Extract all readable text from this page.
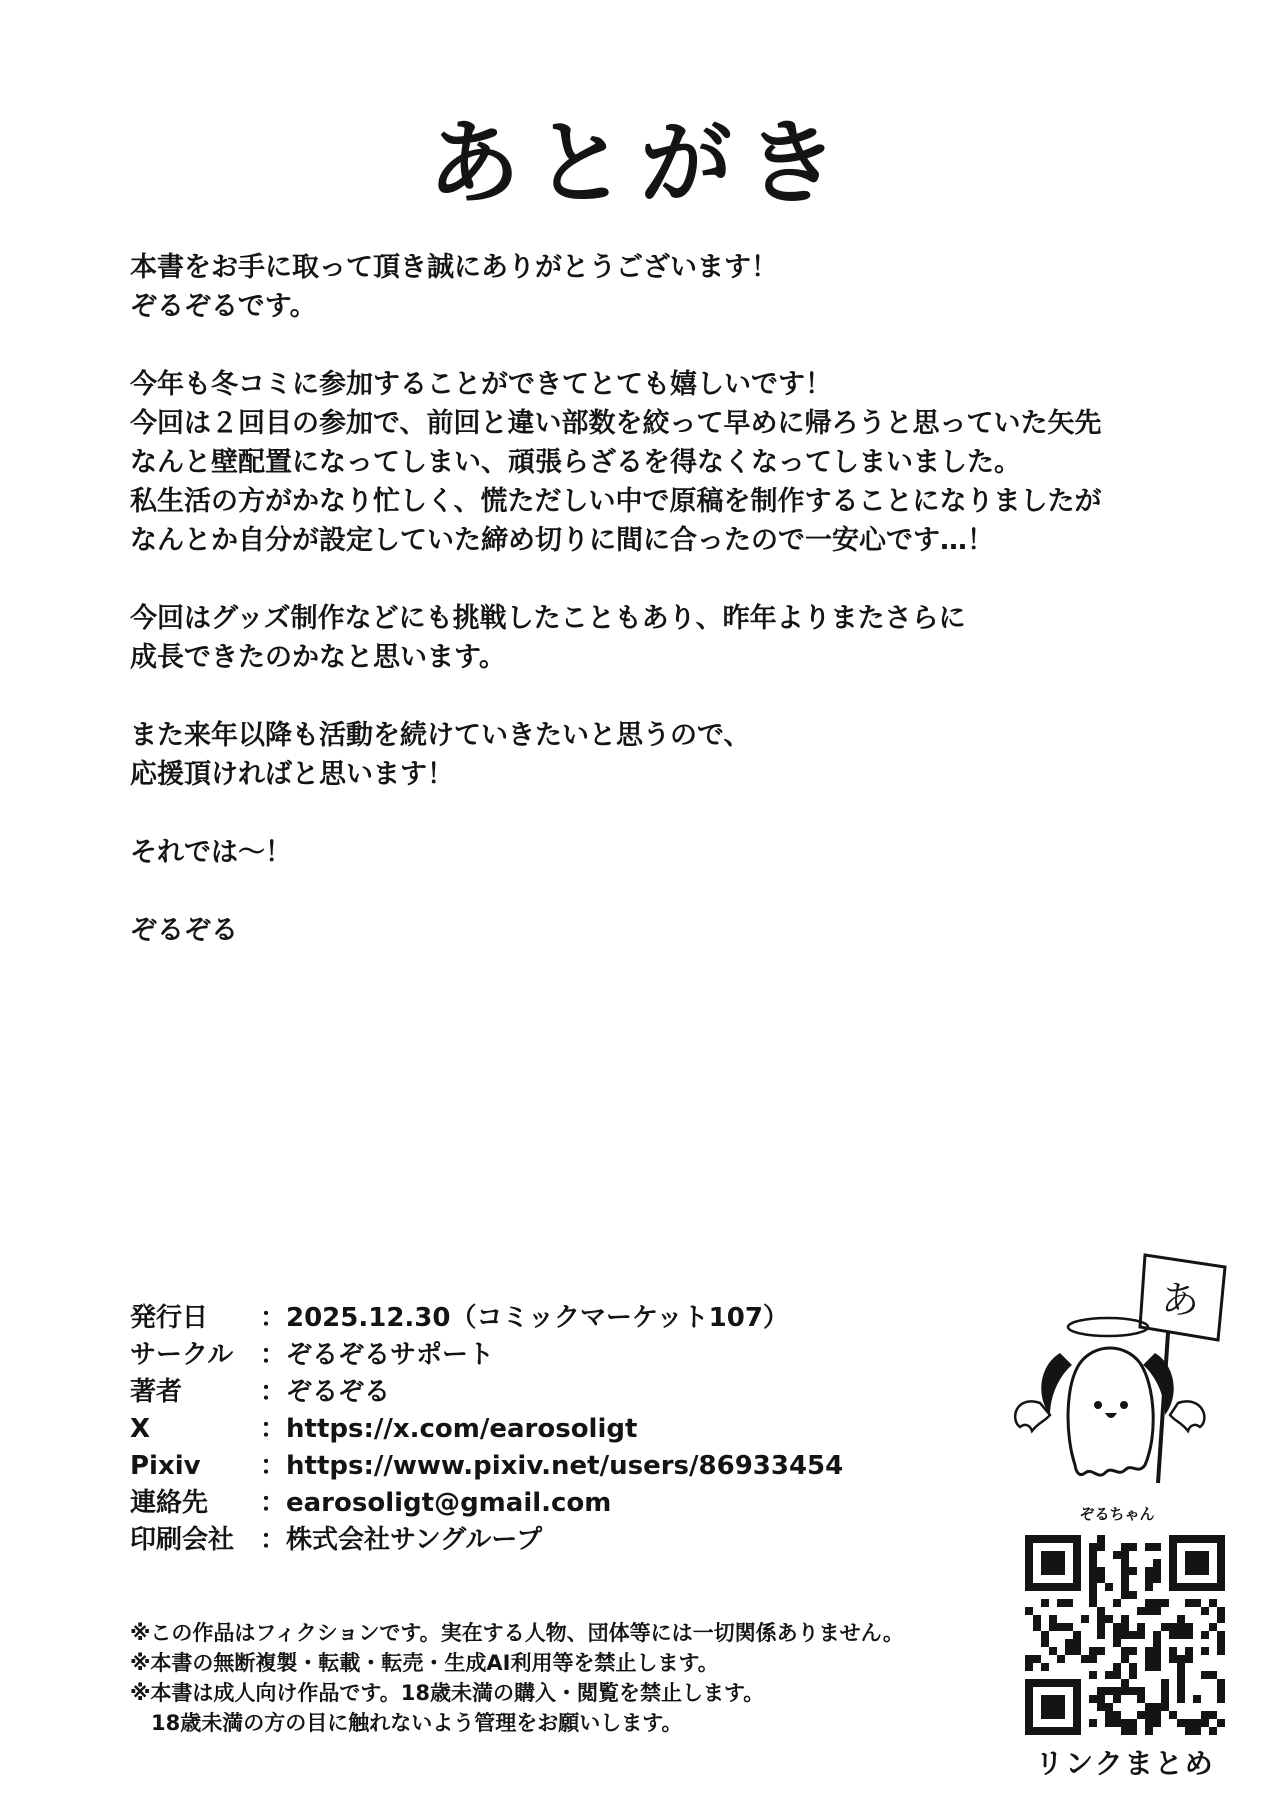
あとがき

本書をお手に取って頂き誠にありがとうございます！
ぞるぞるです。

今年も冬コミに参加することができてとても嬉しいです！
今回は２回目の参加で、前回と違い部数を絞って早めに帰ろうと思っていた矢先
なんと壁配置になってしまい、頑張らざるを得なくなってしまいました。
私生活の方がかなり忙しく、慌ただしい中で原稿を制作することになりましたが
なんとか自分が設定していた締め切りに間に合ったので一安心です…！

今回はグッズ制作などにも挑戦したこともあり、昨年よりまたさらに
成長できたのかなと思います。

また来年以降も活動を続けていきたいと思うので、
応援頂ければと思います！

それでは～！

ぞるぞる

発行日	： 2025.12.30（コミックマーケット107）
サークル	： ぞるぞるサポート
著者	： ぞるぞる
X	： https://x.com/earosoligt
Pixiv	： https://www.pixiv.net/users/86933454
連絡先	： earosoligt@gmail.com
印刷会社 ： 株式会社サングループ
※この作品はフィクションです。実在する人物、団体等には一切関係ありません。
※本書の無断複製・転載・転売・生成AI利用等を禁止します。
※本書は成人向け作品です。18歳未満の購入・閲覧を禁止します。
　18歳未満の方の目に触れないよう管理をお願いします。
あ
ぞるちゃん
リンクまとめ
